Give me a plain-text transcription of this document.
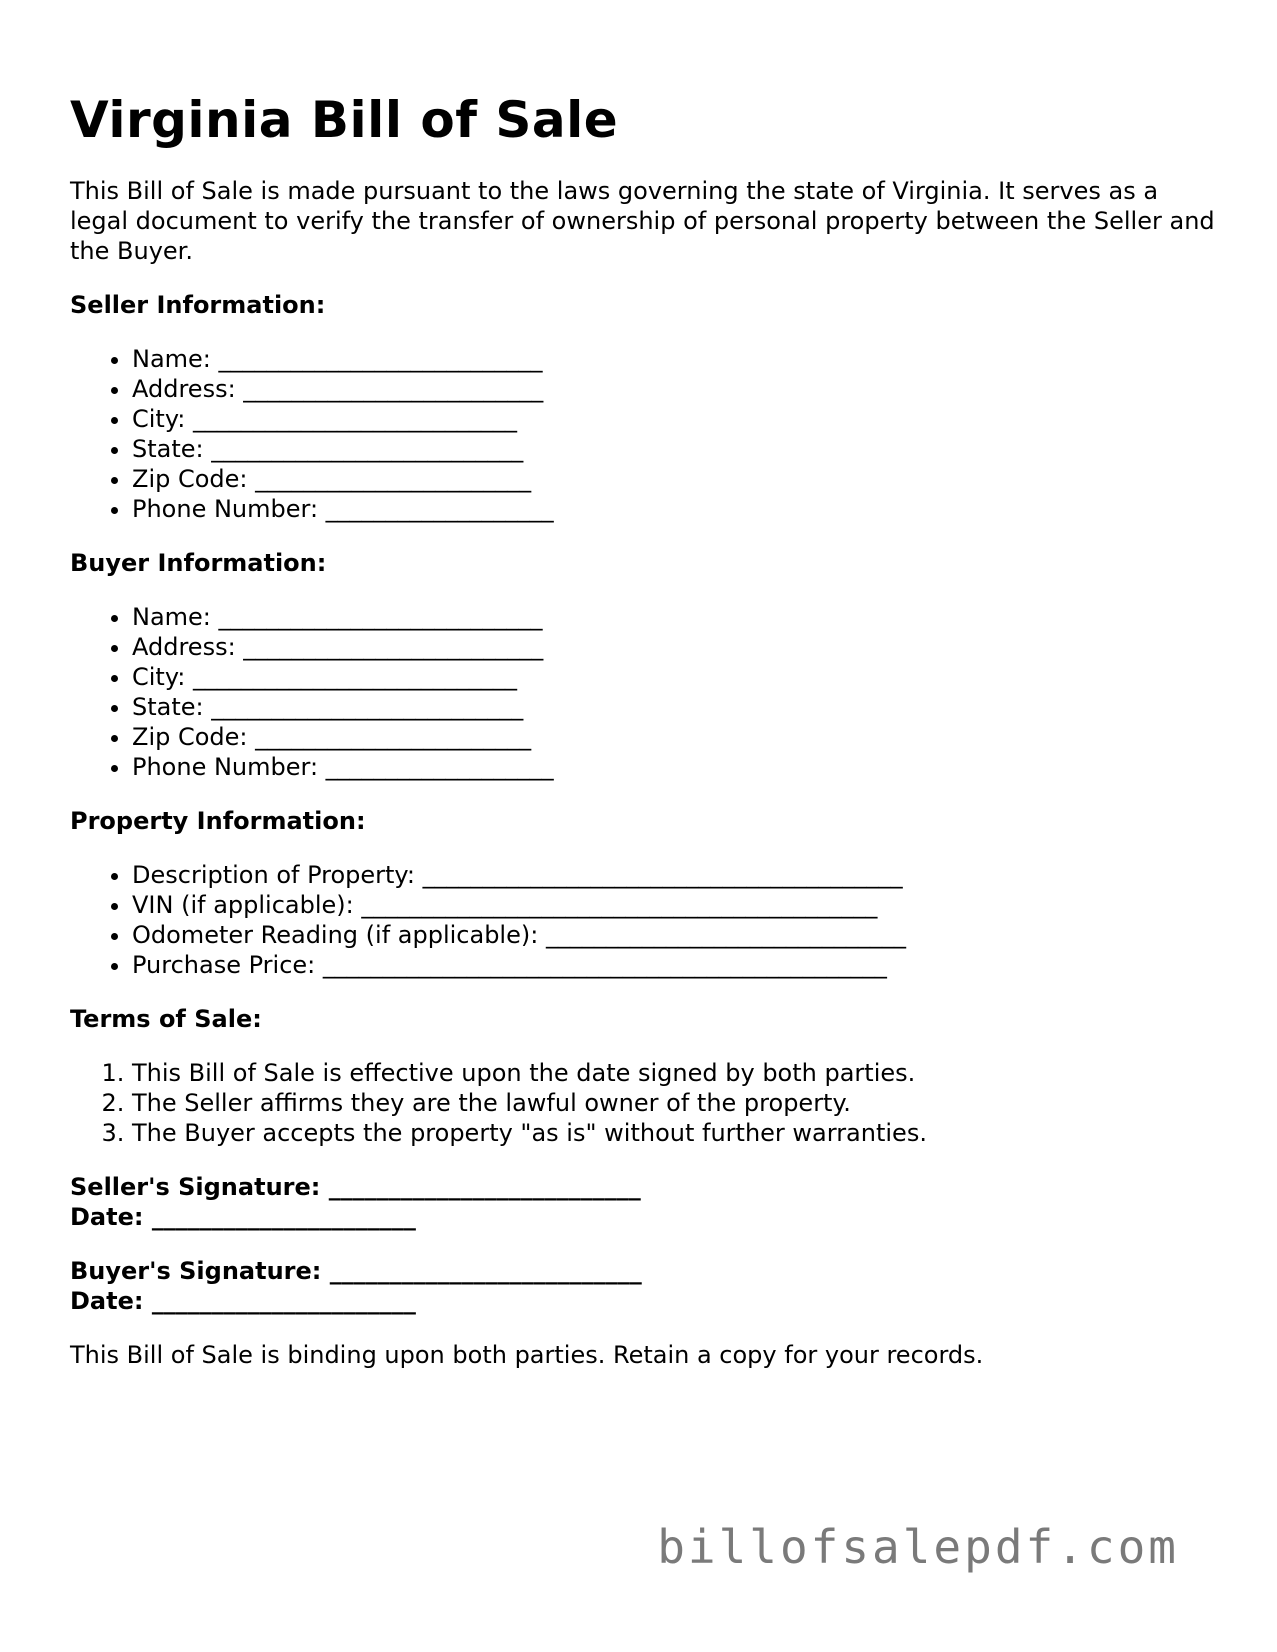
Virginia Bill of Sale

This Bill of Sale is made pursuant to the laws governing the state of Virginia. It serves as a legal document to verify the transfer of ownership of personal property between the Seller and the Buyer.

Seller Information:
• Name: ___________________________
• Address: _________________________
• City: ___________________________
• State: __________________________
• Zip Code: _______________________
• Phone Number: ___________________
Buyer Information:
• Name: ___________________________
• Address: _________________________
• City: ___________________________
• State: __________________________
• Zip Code: _______________________
• Phone Number: ___________________
Property Information:
• Description of Property: ________________________________________
• VIN (if applicable): ___________________________________________
• Odometer Reading (if applicable): ______________________________
• Purchase Price: _______________________________________________
Terms of Sale:
1. This Bill of Sale is effective upon the date signed by both parties.
2. The Seller affirms they are the lawful owner of the property.
3. The Buyer accepts the property "as is" without further warranties.
Seller's Signature: __________________________
Date: ______________________
Buyer's Signature: __________________________
Date: ______________________

This Bill of Sale is binding upon both parties. Retain a copy for your records.

billofsalepdf.com
